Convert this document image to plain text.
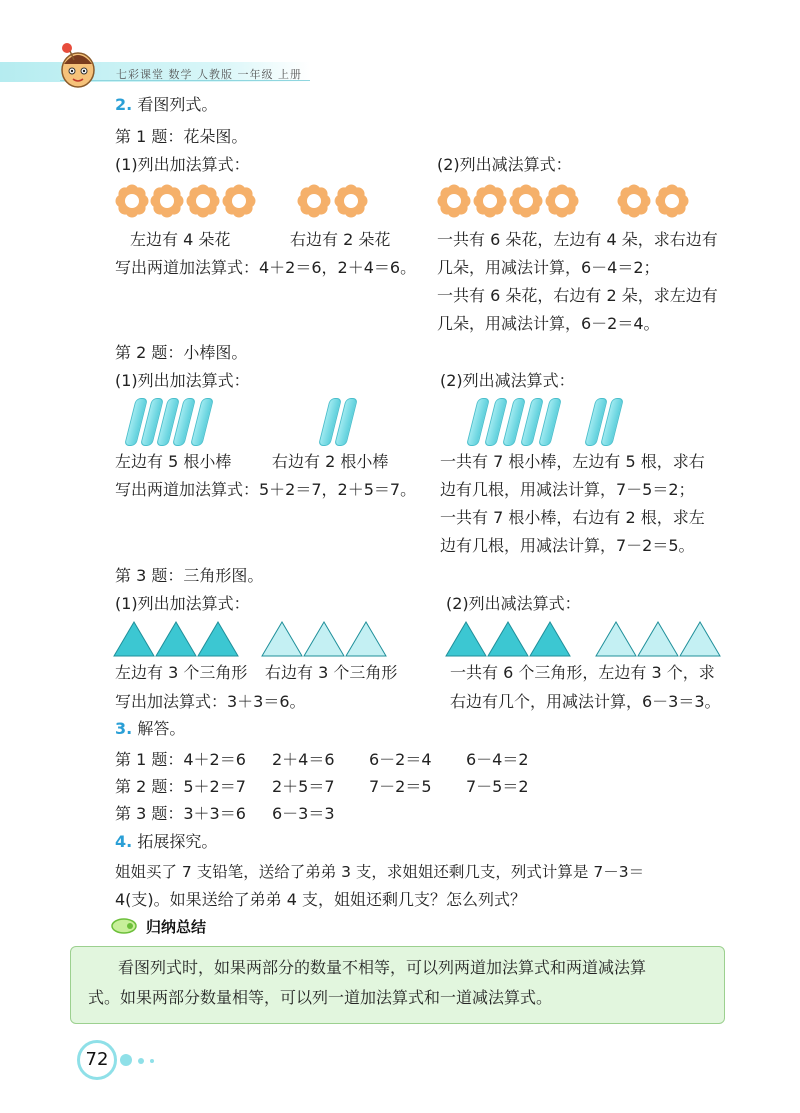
七彩课堂 数学 人教版 一年级 上册
2. 看图列式。
第 1 题：花朵图。
(1)列出加法算式：	(2)列出减法算式：
左边有 4 朵花	右边有 2 朵花
写出两道加法算式：4＋2＝6，2＋4＝6。
一共有 6 朵花，左边有 4 朵，求右边有
几朵，用减法计算，6－4＝2；
一共有 6 朵花，右边有 2 朵，求左边有
几朵，用减法计算，6－2＝4。
第 2 题：小棒图。
(1)列出加法算式：	(2)列出减法算式：
左边有 5 根小棒	右边有 2 根小棒
写出两道加法算式：5＋2＝7，2＋5＝7。
一共有 7 根小棒，左边有 5 根，求右
边有几根，用减法计算，7－5＝2；
一共有 7 根小棒，右边有 2 根，求左
边有几根，用减法计算，7－2＝5。
第 3 题：三角形图。
(1)列出加法算式：	(2)列出减法算式：
左边有 3 个三角形 右边有 3 个三角形
写出加法算式：3＋3＝6。
一共有 6 个三角形，左边有 3 个，求
右边有几个，用减法计算，6－3＝3。
3. 解答。
第 1 题：4＋2＝6 2＋4＝6 6－2＝4 6－4＝2
第 2 题：5＋2＝7 2＋5＝7 7－2＝5 7－5＝2
第 3 题：3＋3＝6 6－3＝3
4. 拓展探究。
姐姐买了 7 支铅笔，送给了弟弟 3 支，求姐姐还剩几支，列式计算是 7－3＝
4(支)。如果送给了弟弟 4 支，姐姐还剩几支？怎么列式？
归纳总结
看图列式时，如果两部分的数量不相等，可以列两道加法算式和两道减法算
式。如果两部分数量相等，可以列一道加法算式和一道减法算式。
72
